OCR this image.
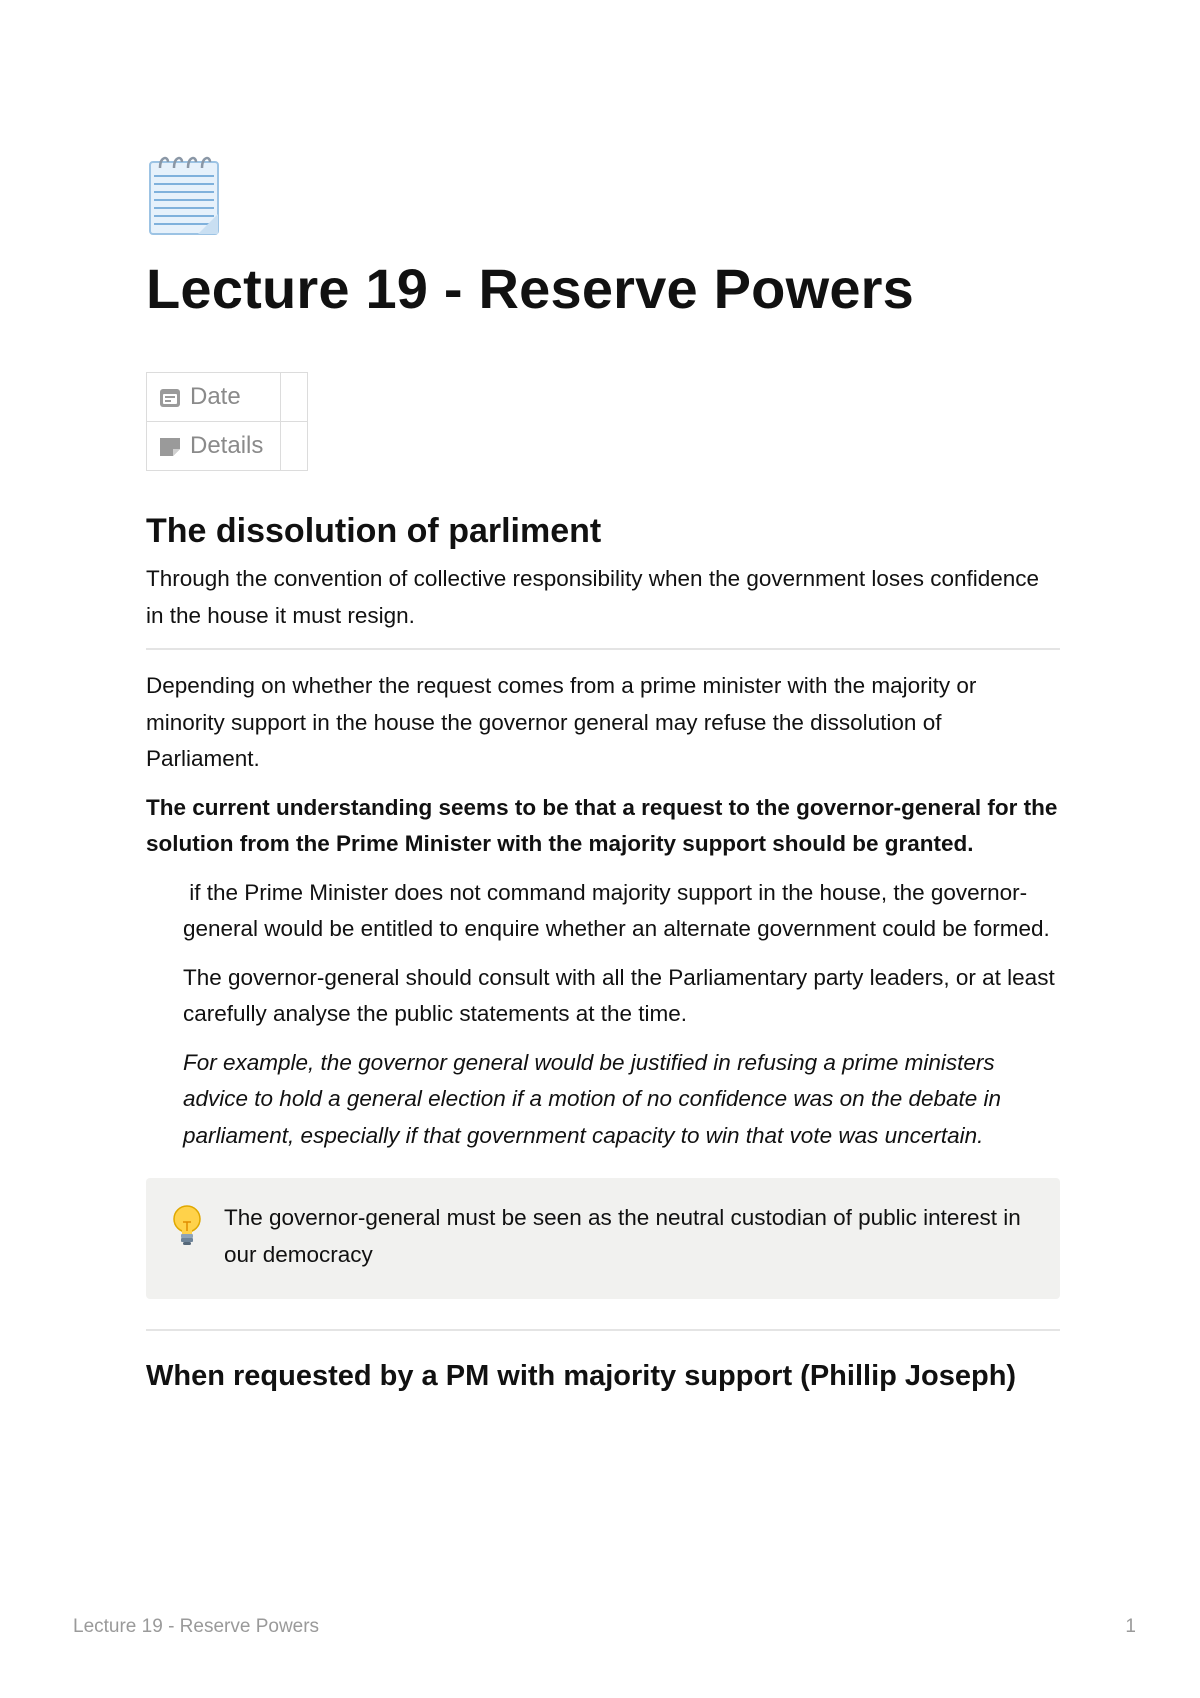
Lecture 19 - Reserve Powers
Date	

Details	

The dissolution of parliment

Through the convention of collective responsibility when the government loses confidence in the house it must resign.

Depending on whether the request comes from a prime minister with the majority or minority support in the house the governor general may refuse the dissolution of Parliament.

The current understanding seems to be that a request to the governor-general for the solution from the Prime Minister with the majority support should be granted.

if the Prime Minister does not command majority support in the house, the governor-general would be entitled to enquire whether an alternate government could be formed.

The governor-general should consult with all the Parliamentary party leaders, or at least carefully analyse the public statements at the time.

For example, the governor general would be justified in refusing a prime ministers advice to hold a general election if a motion of no confidence was on the debate in parliament, especially if that government capacity to win that vote was uncertain.

The governor-general must be seen as the neutral custodian of public interest in our democracy

When requested by a PM with majority support (Phillip Joseph)
Lecture 19 - Reserve Powers	1
